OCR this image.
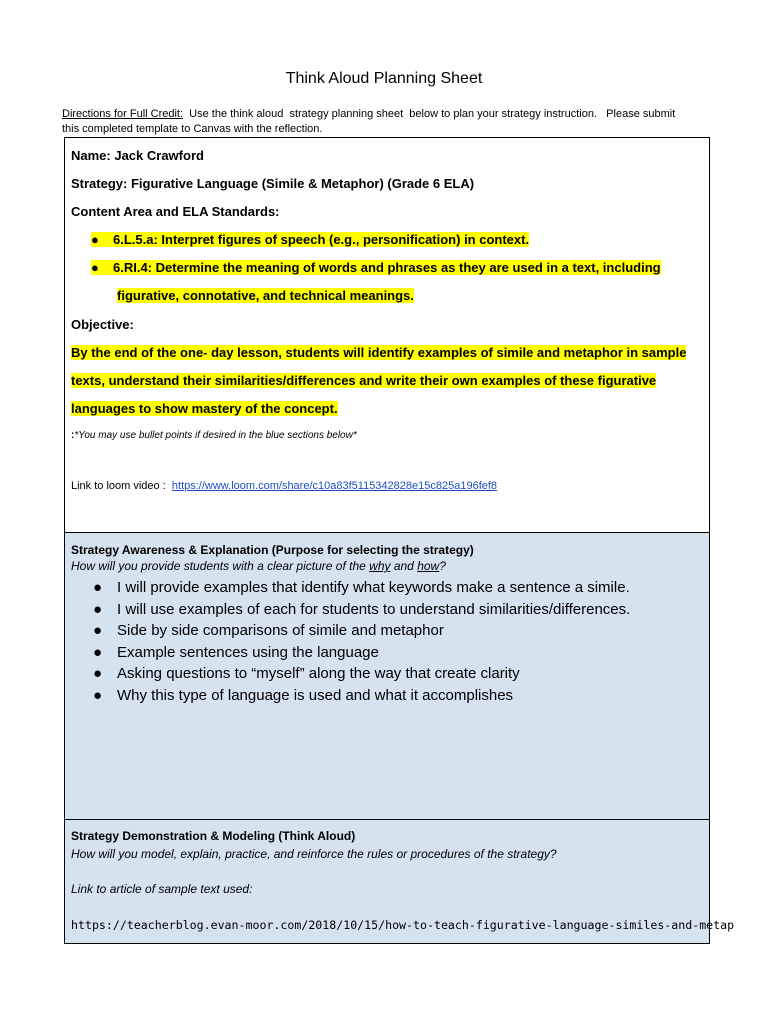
Think Aloud Planning Sheet
Directions for Full Credit:  Use the think aloud  strategy planning sheet  below to plan your strategy instruction.   Please submit
this completed template to Canvas with the reflection.
Name: Jack Crawford
Strategy: Figurative Language (Simile & Metaphor) (Grade 6 ELA)
Content Area and ELA Standards:
● 6.L.5.a: Interpret figures of speech (e.g., personification) in context.
● 6.RI.4: Determine the meaning of words and phrases as they are used in a text, including
figurative, connotative, and technical meanings.
Objective:
By the end of the one- day lesson, students will identify examples of simile and metaphor in sample
texts, understand their similarities/differences and write their own examples of these figurative
languages to show mastery of the concept.
:*You may use bullet points if desired in the blue sections below*
Link to loom video :  https://www.loom.com/share/c10a83f5115342828e15c825a196fef8
Strategy Awareness & Explanation (Purpose for selecting the strategy)
How will you provide students with a clear picture of the why and how?
● I will provide examples that identify what keywords make a sentence a simile.
● I will use examples of each for students to understand similarities/differences.
● Side by side comparisons of simile and metaphor
● Example sentences using the language
● Asking questions to “myself” along the way that create clarity
● Why this type of language is used and what it accomplishes
Strategy Demonstration & Modeling (Think Aloud)
How will you model, explain, practice, and reinforce the rules or procedures of the strategy?
Link to article of sample text used:
https://teacherblog.evan-moor.com/2018/10/15/how-to-teach-figurative-language-similes-and-metap
